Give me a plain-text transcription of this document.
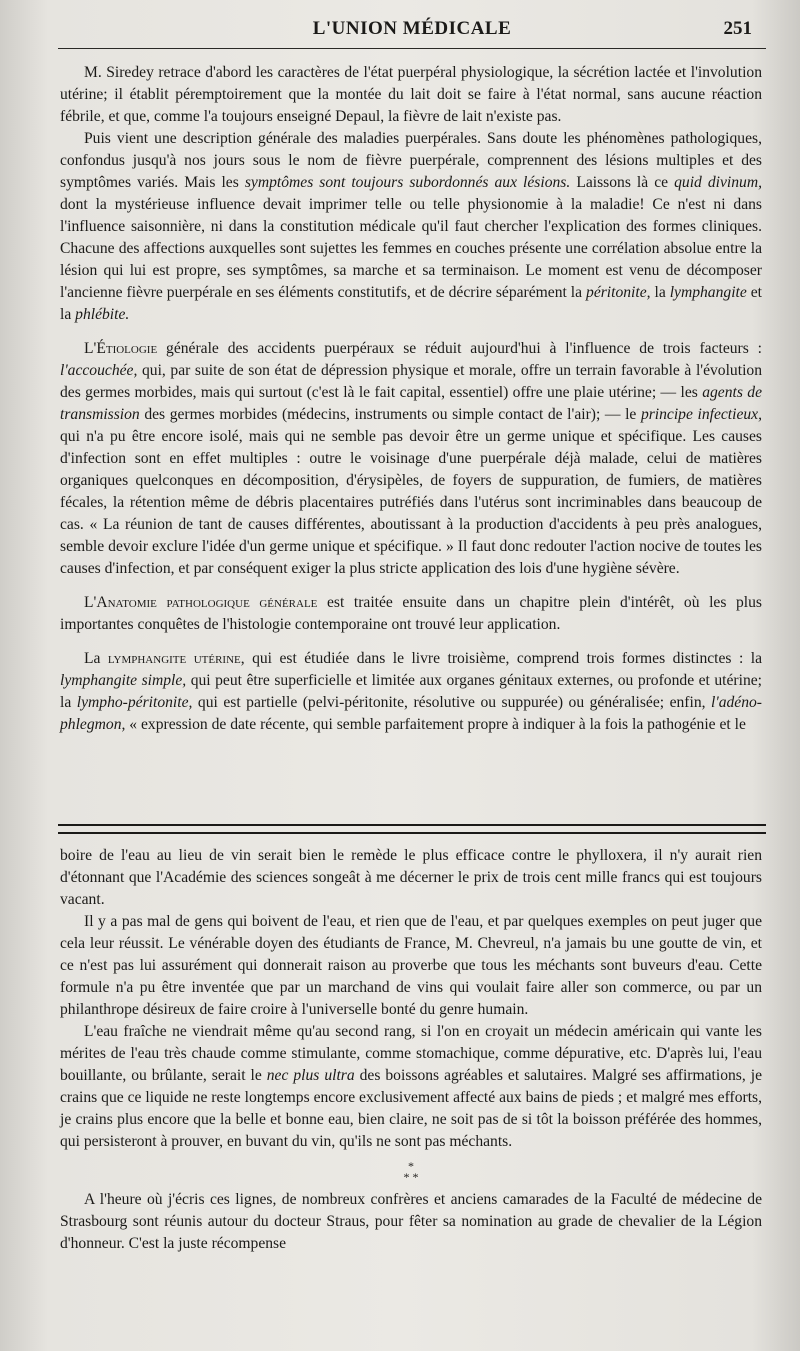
L'UNION MÉDICALE	251

M. Siredey retrace d'abord les caractères de l'état puerpéral physiologique, la sécrétion lactée et l'involution utérine; il établit péremptoirement que la montée du lait doit se faire à l'état normal, sans aucune réaction fébrile, et que, comme l'a toujours enseigné Depaul, la fièvre de lait n'existe pas.

Puis vient une description générale des maladies puerpérales. Sans doute les phénomènes pathologiques, confondus jusqu'à nos jours sous le nom de fièvre puerpérale, comprennent des lésions multiples et des symptômes variés. Mais les symptômes sont toujours subordonnés aux lésions. Laissons là ce quid divinum, dont la mystérieuse influence devait imprimer telle ou telle physionomie à la maladie! Ce n'est ni dans l'influence saisonnière, ni dans la constitution médicale qu'il faut chercher l'explication des formes cliniques. Chacune des affections auxquelles sont sujettes les femmes en couches présente une corrélation absolue entre la lésion qui lui est propre, ses symptômes, sa marche et sa terminaison. Le moment est venu de décomposer l'ancienne fièvre puerpérale en ses éléments constitutifs, et de décrire séparément la péritonite, la lymphangite et la phlébite.

L'Étiologie générale des accidents puerpéraux se réduit aujourd'hui à l'influence de trois facteurs : l'accouchée, qui, par suite de son état de dépression physique et morale, offre un terrain favorable à l'évolution des germes morbides, mais qui surtout (c'est là le fait capital, essentiel) offre une plaie utérine; — les agents de transmission des germes morbides (médecins, instruments ou simple contact de l'air); — le principe infectieux, qui n'a pu être encore isolé, mais qui ne semble pas devoir être un germe unique et spécifique. Les causes d'infection sont en effet multiples : outre le voisinage d'une puerpérale déjà malade, celui de matières organiques quelconques en décomposition, d'érysipèles, de foyers de suppuration, de fumiers, de matières fécales, la rétention même de débris placentaires putréfiés dans l'utérus sont incriminables dans beaucoup de cas. « La réunion de tant de causes différentes, aboutissant à la production d'accidents à peu près analogues, semble devoir exclure l'idée d'un germe unique et spécifique. » Il faut donc redouter l'action nocive de toutes les causes d'infection, et par conséquent exiger la plus stricte application des lois d'une hygiène sévère.

L'Anatomie pathologique générale est traitée ensuite dans un chapitre plein d'intérêt, où les plus importantes conquêtes de l'histologie contemporaine ont trouvé leur application.

La lymphangite utérine, qui est étudiée dans le livre troisième, comprend trois formes distinctes : la lymphangite simple, qui peut être superficielle et limitée aux organes génitaux externes, ou profonde et utérine; la lympho-péritonite, qui est partielle (pelvi-péritonite, résolutive ou suppurée) ou généralisée; enfin, l'adéno-phlegmon, « expression de date récente, qui semble parfaitement propre à indiquer à la fois la pathogénie et le

boire de l'eau au lieu de vin serait bien le remède le plus efficace contre le phylloxera, il n'y aurait rien d'étonnant que l'Académie des sciences songeât à me décerner le prix de trois cent mille francs qui est toujours vacant.

Il y a pas mal de gens qui boivent de l'eau, et rien que de l'eau, et par quelques exemples on peut juger que cela leur réussit. Le vénérable doyen des étudiants de France, M. Chevreul, n'a jamais bu une goutte de vin, et ce n'est pas lui assurément qui donnerait raison au proverbe que tous les méchants sont buveurs d'eau. Cette formule n'a pu être inventée que par un marchand de vins qui voulait faire aller son commerce, ou par un philanthrope désireux de faire croire à l'universelle bonté du genre humain.

L'eau fraîche ne viendrait même qu'au second rang, si l'on en croyait un médecin américain qui vante les mérites de l'eau très chaude comme stimulante, comme stomachique, comme dépurative, etc. D'après lui, l'eau bouillante, ou brûlante, serait le nec plus ultra des boissons agréables et salutaires. Malgré ses affirmations, je crains que ce liquide ne reste longtemps encore exclusivement affecté aux bains de pieds ; et malgré mes efforts, je crains plus encore que la belle et bonne eau, bien claire, ne soit pas de si tôt la boisson préférée des hommes, qui persisteront à prouver, en buvant du vin, qu'ils ne sont pas méchants.

*
* *

A l'heure où j'écris ces lignes, de nombreux confrères et anciens camarades de la Faculté de médecine de Strasbourg sont réunis autour du docteur Straus, pour fêter sa nomination au grade de chevalier de la Légion d'honneur. C'est la juste récompense
